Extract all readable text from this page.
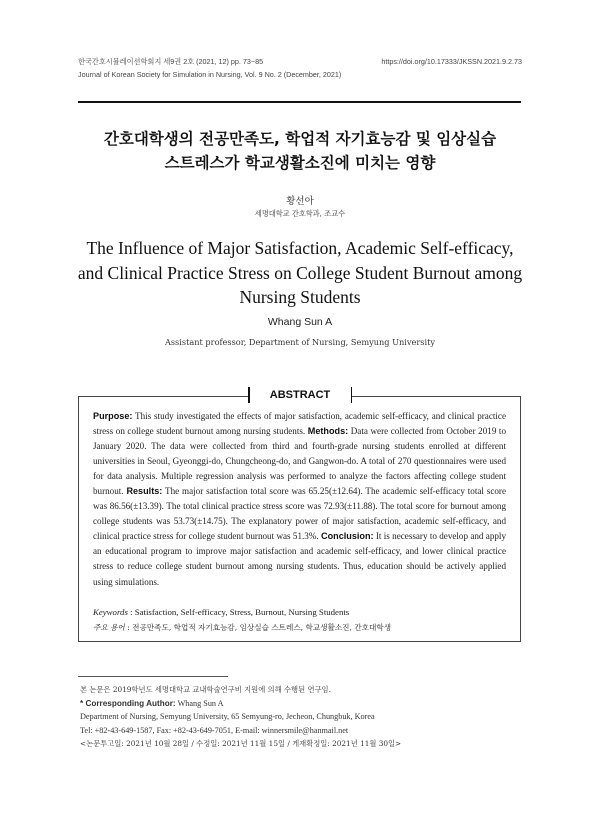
한국간호시뮬레이션학회지 세9권 2호 (2021, 12) pp. 73~85	https://doi.org/10.17333/JKSSN.2021.9.2.73
Journal of Korean Society for Simulation in Nursing, Vol. 9 No. 2 (December, 2021)
간호대학생의 전공만족도, 학업적 자기효능감 및 임상실습
스트레스가 학교생활소진에 미치는 영향
황선아
세명대학교 간호학과, 조교수
The Influence of Major Satisfaction, Academic Self-efficacy,
and Clinical Practice Stress on College Student Burnout among
Nursing Students
Whang Sun A
Assistant professor, Department of Nursing, Semyung University
ABSTRACT
Purpose: This study investigated the effects of major satisfaction, academic self-efficacy, and clinical practice stress on college student burnout among nursing students. Methods: Data were collected from October 2019 to January 2020. The data were collected from third and fourth-grade nursing students enrolled at different universities in Seoul, Gyeonggi-do, Chungcheong-do, and Gangwon-do. A total of 270 questionnaires were used for data analysis. Multiple regression analysis was performed to analyze the factors affecting college student burnout. Results: The major satisfaction total score was 65.25(±12.64). The academic self-efficacy total score was 86.56(±13.39). The total clinical practice stress score was 72.93(±11.88). The total score for burnout among college students was 53.73(±14.75). The explanatory power of major satisfaction, academic self-efficacy, and clinical practice stress for college student burnout was 51.3%. Conclusion: It is necessary to develop and apply an educational program to improve major satisfaction and academic self-efficacy, and lower clinical practice stress to reduce college student burnout among nursing students. Thus, education should be actively applied using simulations.
Keywords : Satisfaction, Self-efficacy, Stress, Burnout, Nursing Students
주요 용어 : 전공만족도, 학업적 자기효능감, 임상실습 스트레스, 학교생활소진, 간호대학생
본 논문은 2019학년도 세명대학교 교내학술연구비 지원에 의해 수행된 연구임.
* Corresponding Author: Whang Sun A
Department of Nursing, Semyung University, 65 Semyung-ro, Jecheon, Chungbuk, Korea
Tel: +82-43-649-1587, Fax: +82-43-649-7051, E-mail: winnersmile@hanmail.net
<논문투고일: 2021년 10월 28일 / 수정일: 2021년 11월 15일 / 게재확정일: 2021년 11월 30일>
